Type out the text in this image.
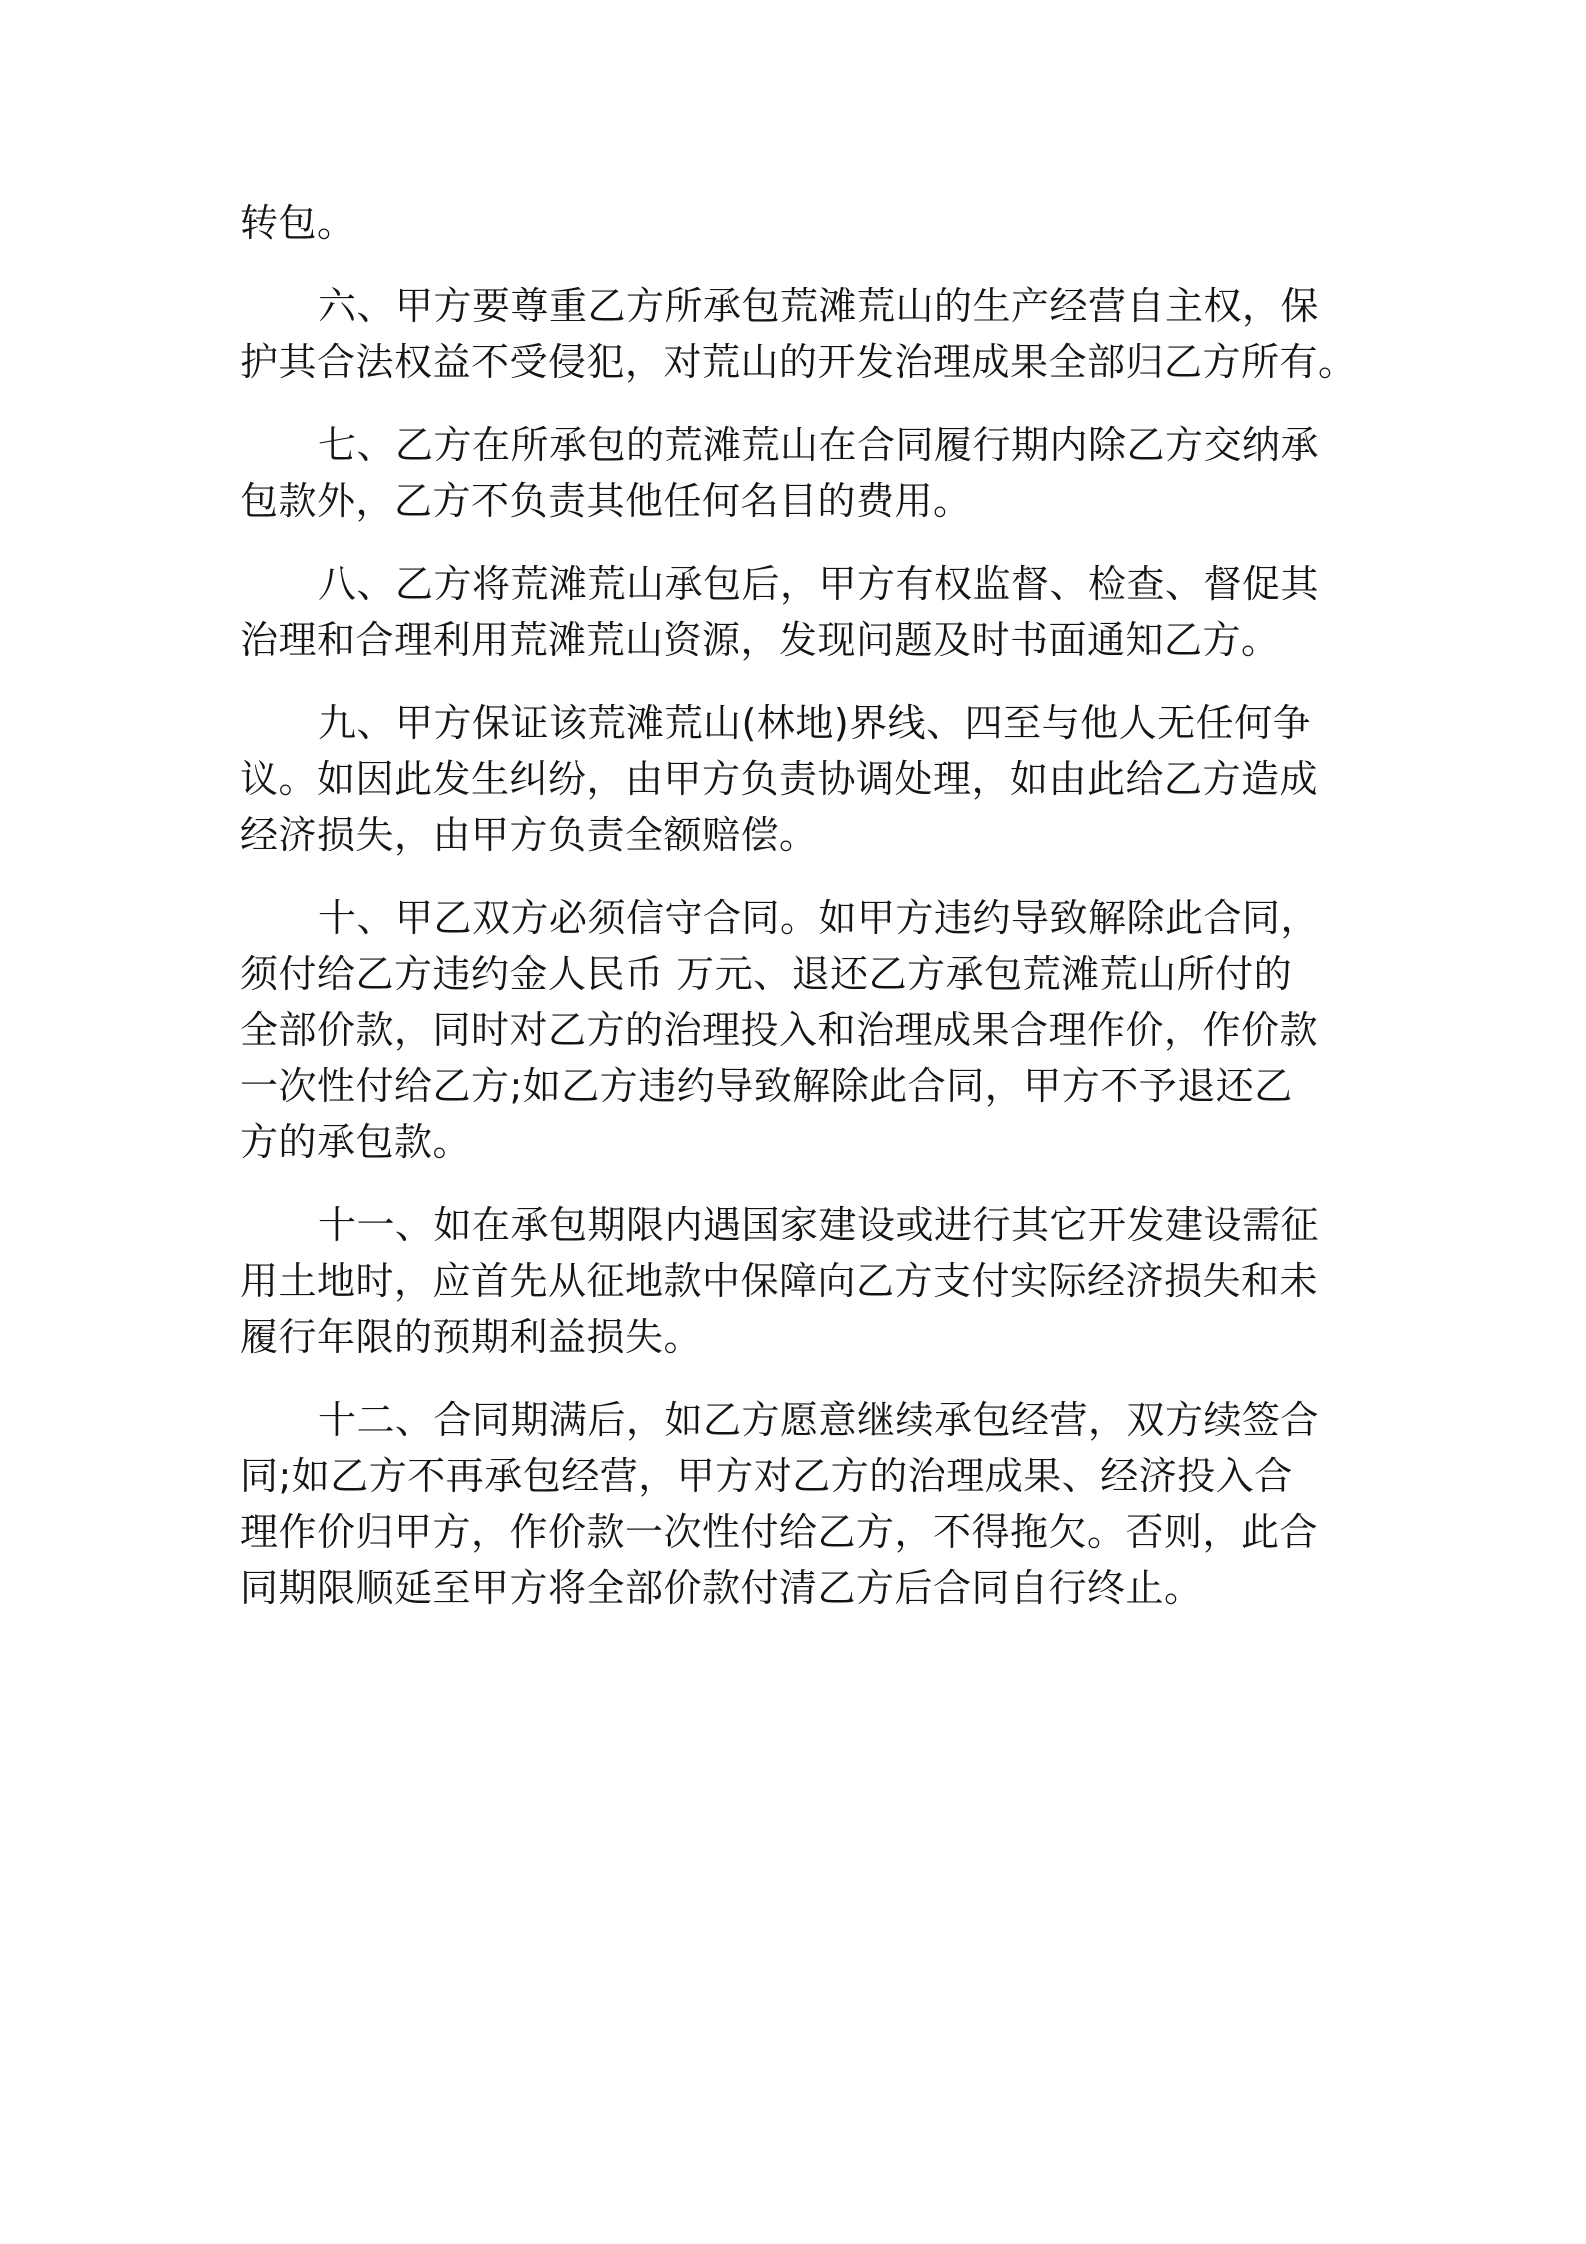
转包。
六、甲方要尊重乙方所承包荒滩荒山的生产经营自主权，保
护其合法权益不受侵犯，对荒山的开发治理成果全部归乙方所有。
七、乙方在所承包的荒滩荒山在合同履行期内除乙方交纳承
包款外，乙方不负责其他任何名目的费用。
八、乙方将荒滩荒山承包后，甲方有权监督、检查、督促其
治理和合理利用荒滩荒山资源，发现问题及时书面通知乙方。
九、甲方保证该荒滩荒山(林地)界线、四至与他人无任何争
议。如因此发生纠纷，由甲方负责协调处理，如由此给乙方造成
经济损失，由甲方负责全额赔偿。
十、甲乙双方必须信守合同。如甲方违约导致解除此合同，
须付给乙方违约金人民币 万元、退还乙方承包荒滩荒山所付的
全部价款，同时对乙方的治理投入和治理成果合理作价，作价款
一次性付给乙方;如乙方违约导致解除此合同，甲方不予退还乙
方的承包款。
十一、如在承包期限内遇国家建设或进行其它开发建设需征
用土地时，应首先从征地款中保障向乙方支付实际经济损失和未
履行年限的预期利益损失。
十二、合同期满后，如乙方愿意继续承包经营，双方续签合
同;如乙方不再承包经营，甲方对乙方的治理成果、经济投入合
理作价归甲方，作价款一次性付给乙方，不得拖欠。否则，此合
同期限顺延至甲方将全部价款付清乙方后合同自行终止。
